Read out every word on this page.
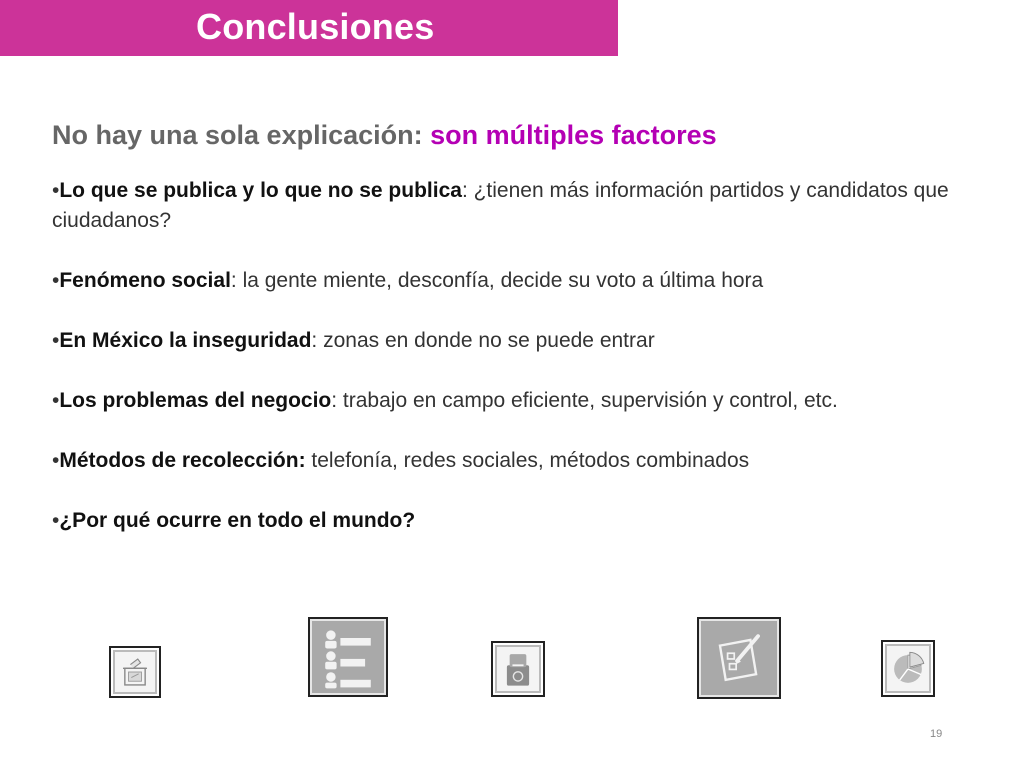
Conclusiones
No hay una sola explicación: son múltiples factores
•Lo que se publica y lo que no se publica: ¿tienen más información partidos y candidatos que ciudadanos?
•Fenómeno social: la gente miente, desconfía, decide su voto a última hora
•En México la inseguridad: zonas en donde no se puede entrar
•Los problemas del negocio: trabajo en campo eficiente, supervisión y control, etc.
•Métodos de recolección: telefonía, redes sociales, métodos combinados
•¿Por qué ocurre en todo el mundo?
19
